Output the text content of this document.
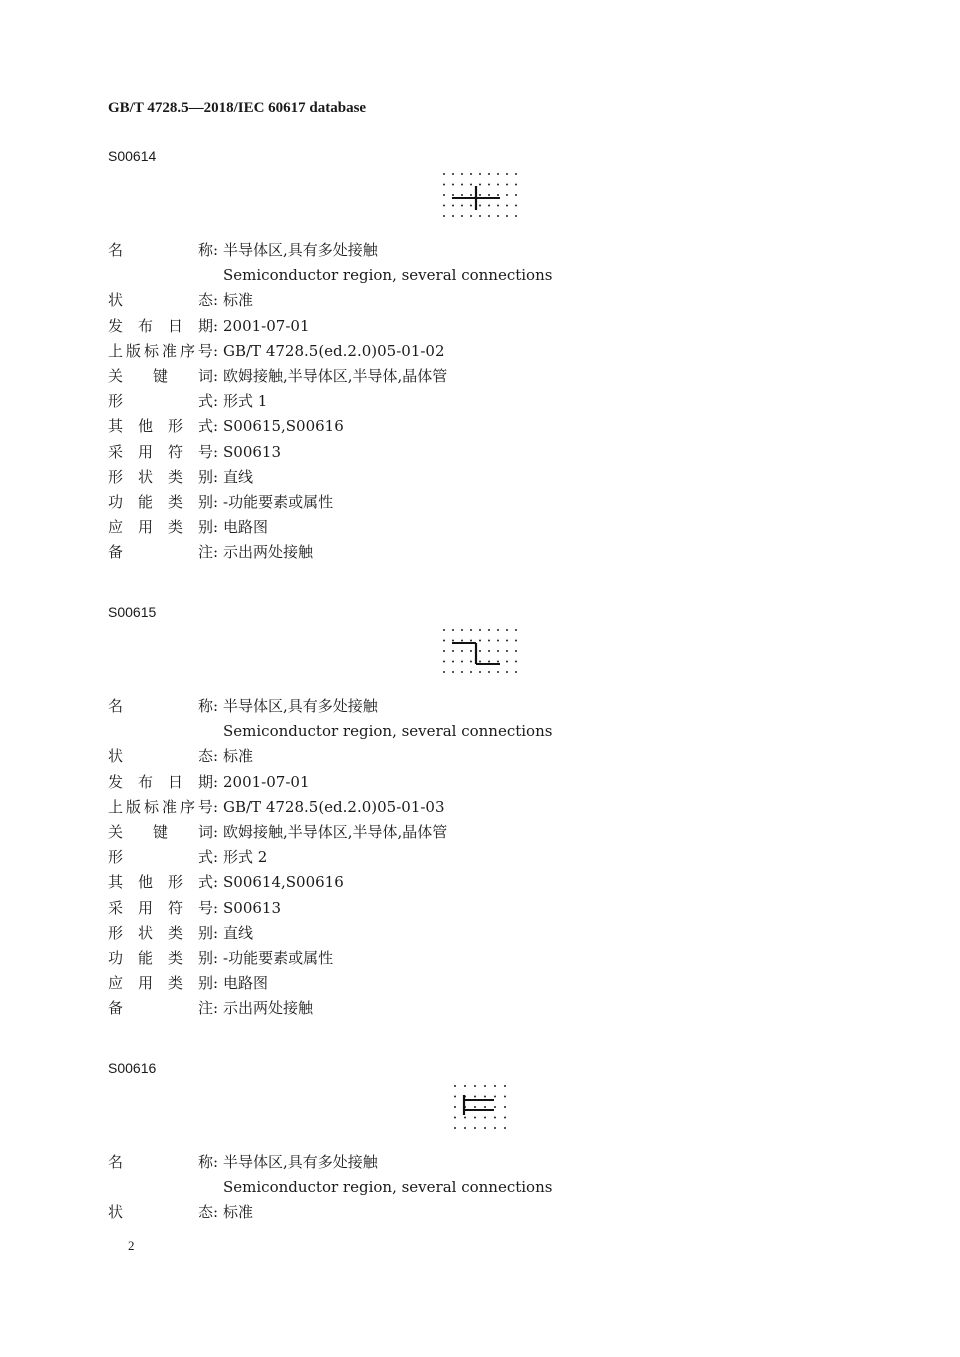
GB/T 4728.5—2018/IEC 60617 database
S00614
名	称 : 半导体区,具有多处接触
Semiconductor region, several connections
状	态 : 标准
发 布 日 期 : 2001-07-01
上 版 标 准 序 号 : GB/T 4728.5(ed.2.0)05-01-02
关 键 词 : 欧姆接触,半导体区,半导体,晶体管
形	式 : 形式 1
其 他 形 式 : S00615,S00616
采 用 符 号 : S00613
形 状 类 别 : 直线
功 能 类 别 : -功能要素或属性
应 用 类 别 : 电路图
备	注 : 示出两处接触
S00615
名	称 : 半导体区,具有多处接触
Semiconductor region, several connections
状	态 : 标准
发 布 日 期 : 2001-07-01
上 版 标 准 序 号 : GB/T 4728.5(ed.2.0)05-01-03
关 键 词 : 欧姆接触,半导体区,半导体,晶体管
形	式 : 形式 2
其 他 形 式 : S00614,S00616
采 用 符 号 : S00613
形 状 类 别 : 直线
功 能 类 别 : -功能要素或属性
应 用 类 别 : 电路图
备	注 : 示出两处接触
S00616
名	称 : 半导体区,具有多处接触
Semiconductor region, several connections
状	态 : 标准
2
